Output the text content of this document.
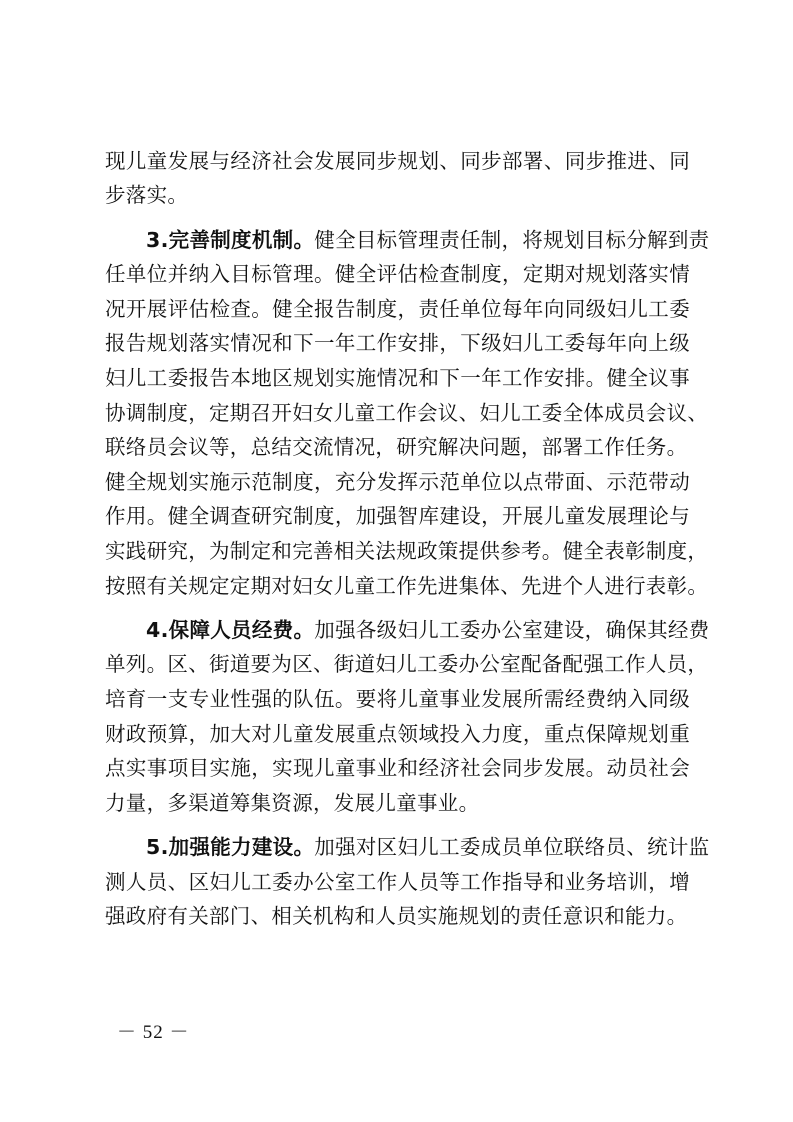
现儿童发展与经济社会发展同步规划、同步部署、同步推进、同
步落实。
3.完善制度机制。健全目标管理责任制，将规划目标分解到责
任单位并纳入目标管理。健全评估检查制度，定期对规划落实情
况开展评估检查。健全报告制度，责任单位每年向同级妇儿工委
报告规划落实情况和下一年工作安排，下级妇儿工委每年向上级
妇儿工委报告本地区规划实施情况和下一年工作安排。健全议事
协调制度，定期召开妇女儿童工作会议、妇儿工委全体成员会议、
联络员会议等，总结交流情况，研究解决问题，部署工作任务。
健全规划实施示范制度，充分发挥示范单位以点带面、示范带动
作用。健全调查研究制度，加强智库建设，开展儿童发展理论与
实践研究，为制定和完善相关法规政策提供参考。健全表彰制度，
按照有关规定定期对妇女儿童工作先进集体、先进个人进行表彰。
4.保障人员经费。加强各级妇儿工委办公室建设，确保其经费
单列。区、街道要为区、街道妇儿工委办公室配备配强工作人员，
培育一支专业性强的队伍。要将儿童事业发展所需经费纳入同级
财政预算，加大对儿童发展重点领域投入力度，重点保障规划重
点实事项目实施，实现儿童事业和经济社会同步发展。动员社会
力量，多渠道筹集资源，发展儿童事业。
5.加强能力建设。加强对区妇儿工委成员单位联络员、统计监
测人员、区妇儿工委办公室工作人员等工作指导和业务培训，增
强政府有关部门、相关机构和人员实施规划的责任意识和能力。
－ 52 －
